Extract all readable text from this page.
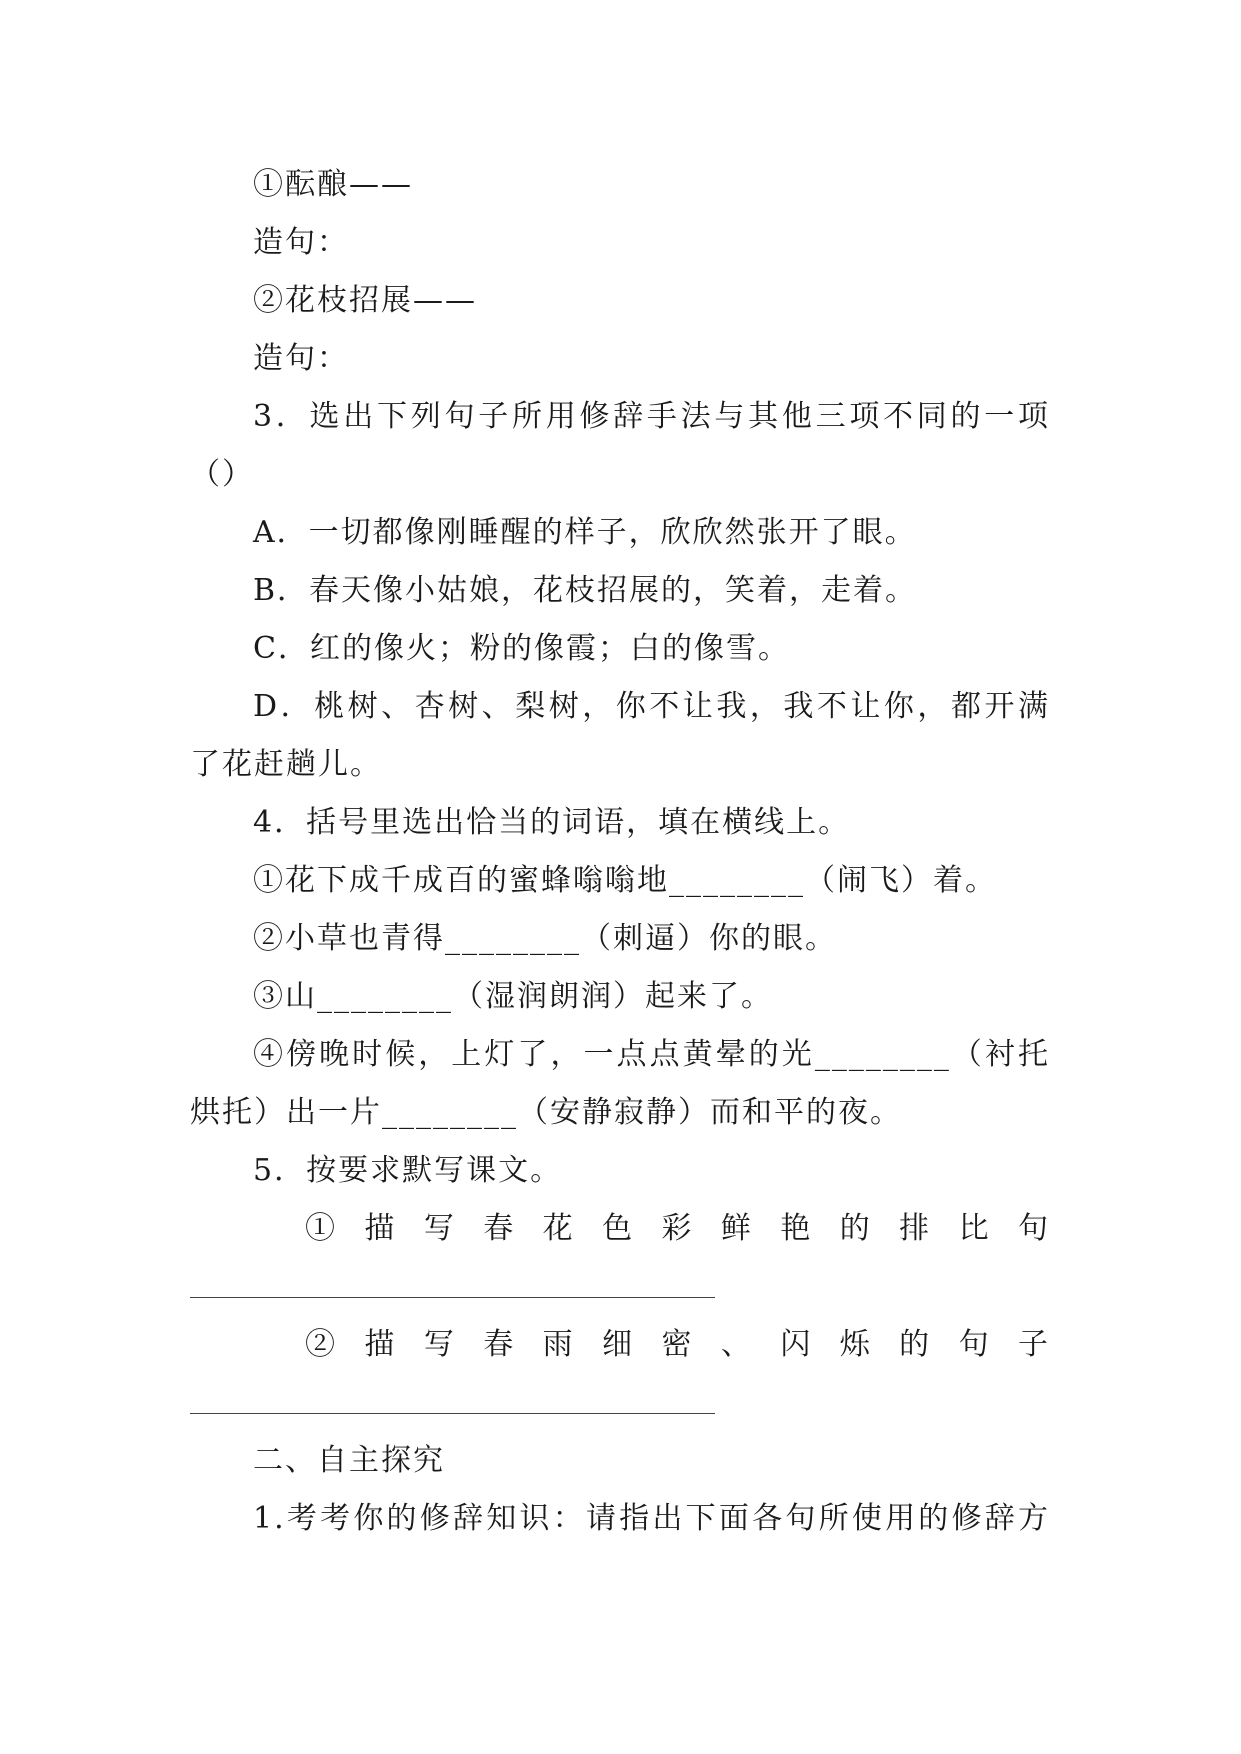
①酝酿——
造句：
②花枝招展——
造句：
3．选出下列句子所用修辞手法与其他三项不同的一项
（）
A．一切都像刚睡醒的样子，欣欣然张开了眼。
B．春天像小姑娘，花枝招展的，笑着，走着。
C．红的像火；粉的像霞；白的像雪。
D．桃树、杏树、梨树，你不让我，我不让你，都开满
了花赶趟儿。
4．括号里选出恰当的词语，填在横线上。
①花下成千成百的蜜蜂嗡嗡地________（闹飞）着。
②小草也青得________（刺逼）你的眼。
③山________（湿润朗润）起来了。
④傍晚时候，上灯了，一点点黄晕的光________（衬托
烘托）出一片________（安静寂静）而和平的夜。
5．按要求默写课文。
①描写春花色彩鲜艳的排比句
②描写春雨细密、闪烁的句子
二、自主探究
1.考考你的修辞知识：请指出下面各句所使用的修辞方
